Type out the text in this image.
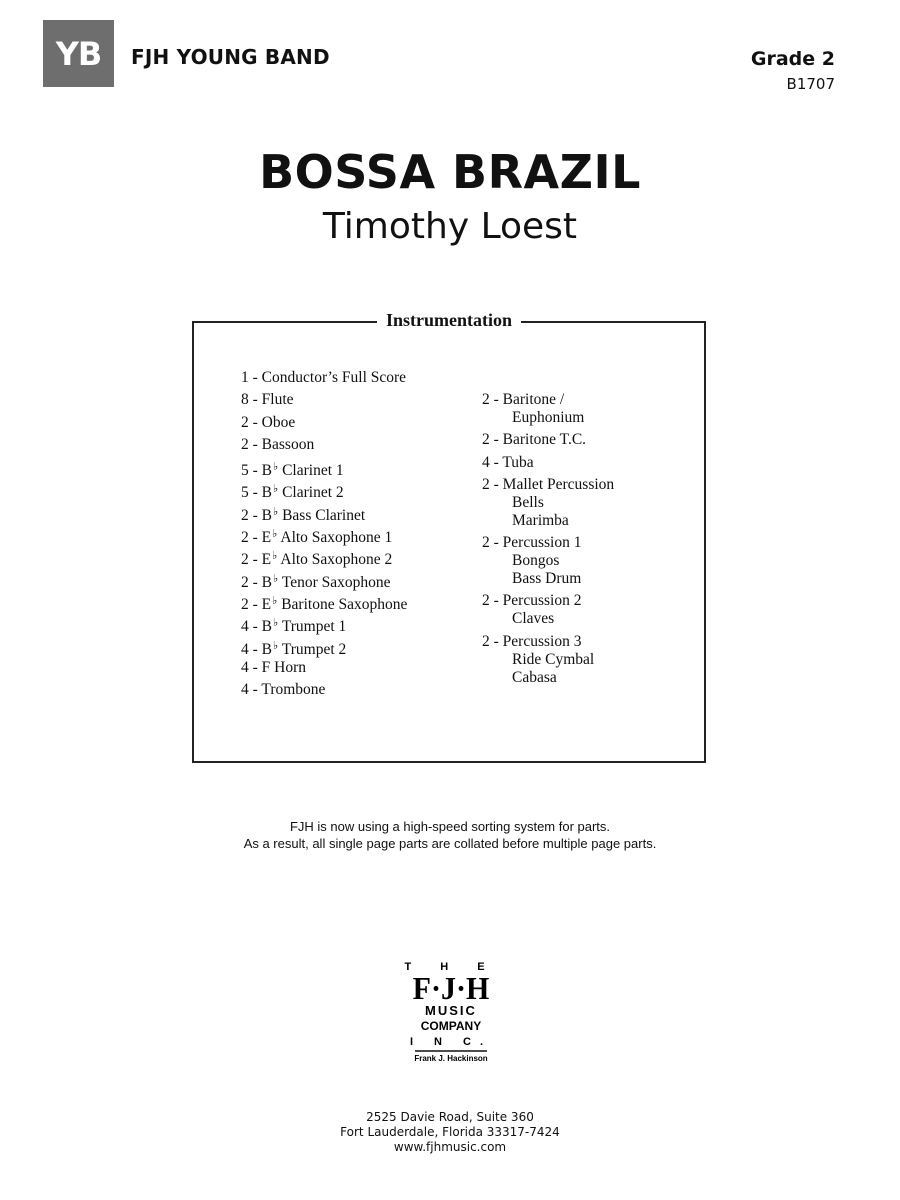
YB	FJH YOUNG BAND	Grade 2
B1707
BOSSA BRAZIL
Timothy Loest
Instrumentation
1 - Conductor’s Full Score
8 - Flute
2 - Oboe
2 - Bassoon
5 - B♭ Clarinet 1
5 - B♭ Clarinet 2
2 - B♭ Bass Clarinet
2 - E♭ Alto Saxophone 1
2 - E♭ Alto Saxophone 2
2 - B♭ Tenor Saxophone
2 - E♭ Baritone Saxophone
4 - B♭ Trumpet 1
4 - B♭ Trumpet 2
4 - F Horn
4 - Trombone
2 - Baritone /
Euphonium
2 - Baritone T.C.
4 - Tuba
2 - Mallet Percussion
Bells
Marimba
2 - Percussion 1
Bongos
Bass Drum
2 - Percussion 2
Claves
2 - Percussion 3
Ride Cymbal
Cabasa
FJH is now using a high-speed sorting system for parts.
As a result, all single page parts are collated before multiple page parts.
T H E
F·J·H
MUSIC
COMPANY
I N C.
Frank J. Hackinson
2525 Davie Road, Suite 360
Fort Lauderdale, Florida 33317-7424
www.fjhmusic.com
